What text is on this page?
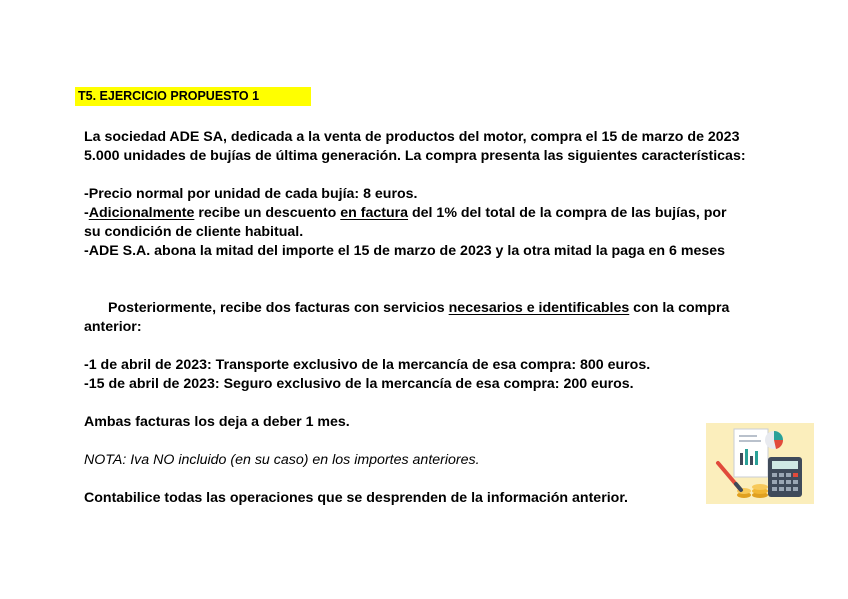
T5. EJERCICIO PROPUESTO 1

La sociedad ADE SA, dedicada a la venta de productos del motor, compra el 15 de marzo de 2023

5.000 unidades de bujías de última generación. La compra presenta las siguientes características:

-Precio normal por unidad de cada bujía: 8 euros.

-Adicionalmente recibe un descuento en factura del 1% del total de la compra de las bujías, por

su condición de cliente habitual.

-ADE S.A. abona la mitad del importe el 15 de marzo de 2023 y la otra mitad la paga en 6 meses

Posteriormente, recibe dos facturas con servicios necesarios e identificables con la compra

anterior:

-1 de abril de 2023: Transporte exclusivo de la mercancía de esa compra: 800 euros.

-15 de abril de 2023: Seguro exclusivo de la mercancía de esa compra: 200 euros.

Ambas facturas los deja a deber 1 mes.

NOTA: Iva NO incluido (en su caso) en los importes anteriores.

Contabilice todas las operaciones que se desprenden de la información anterior.
